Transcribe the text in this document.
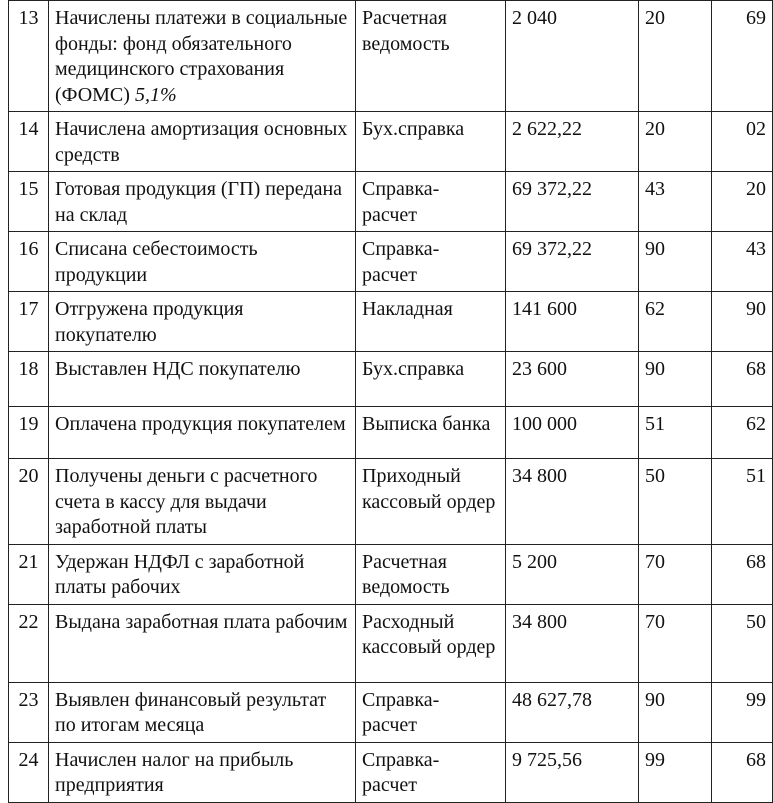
13	Начислены платежи в социальные фонды: фонд обязательного медицинского страхования (ФОМС) 5,1%	Расчетная ведомость	2 040	20	69
14	Начислена амортизация основных средств	Бух.справка	2 622,22	20	02
15	Готовая продукция (ГП) передана на склад	Справка- расчет	69 372,22	43	20
16	Списана себестоимость продукции	Справка- расчет	69 372,22	90	43
17	Отгружена продукция покупателю	Накладная	141 600	62	90
18	Выставлен НДС покупателю	Бух.справка	23 600	90	68
19	Оплачена продукция покупателем	Выписка банка	100 000	51	62
20	Получены деньги с расчетного счета в кассу для выдачи заработной платы	Приходный кассовый ордер	34 800	50	51
21	Удержан НДФЛ с заработной платы рабочих	Расчетная ведомость	5 200	70	68
22	Выдана заработная плата рабочим	Расходный кассовый ордер	34 800	70	50
23	Выявлен финансовый результат по итогам месяца	Справка- расчет	48 627,78	90	99
24	Начислен налог на прибыль предприятия	Справка- расчет	9 725,56	99	68
